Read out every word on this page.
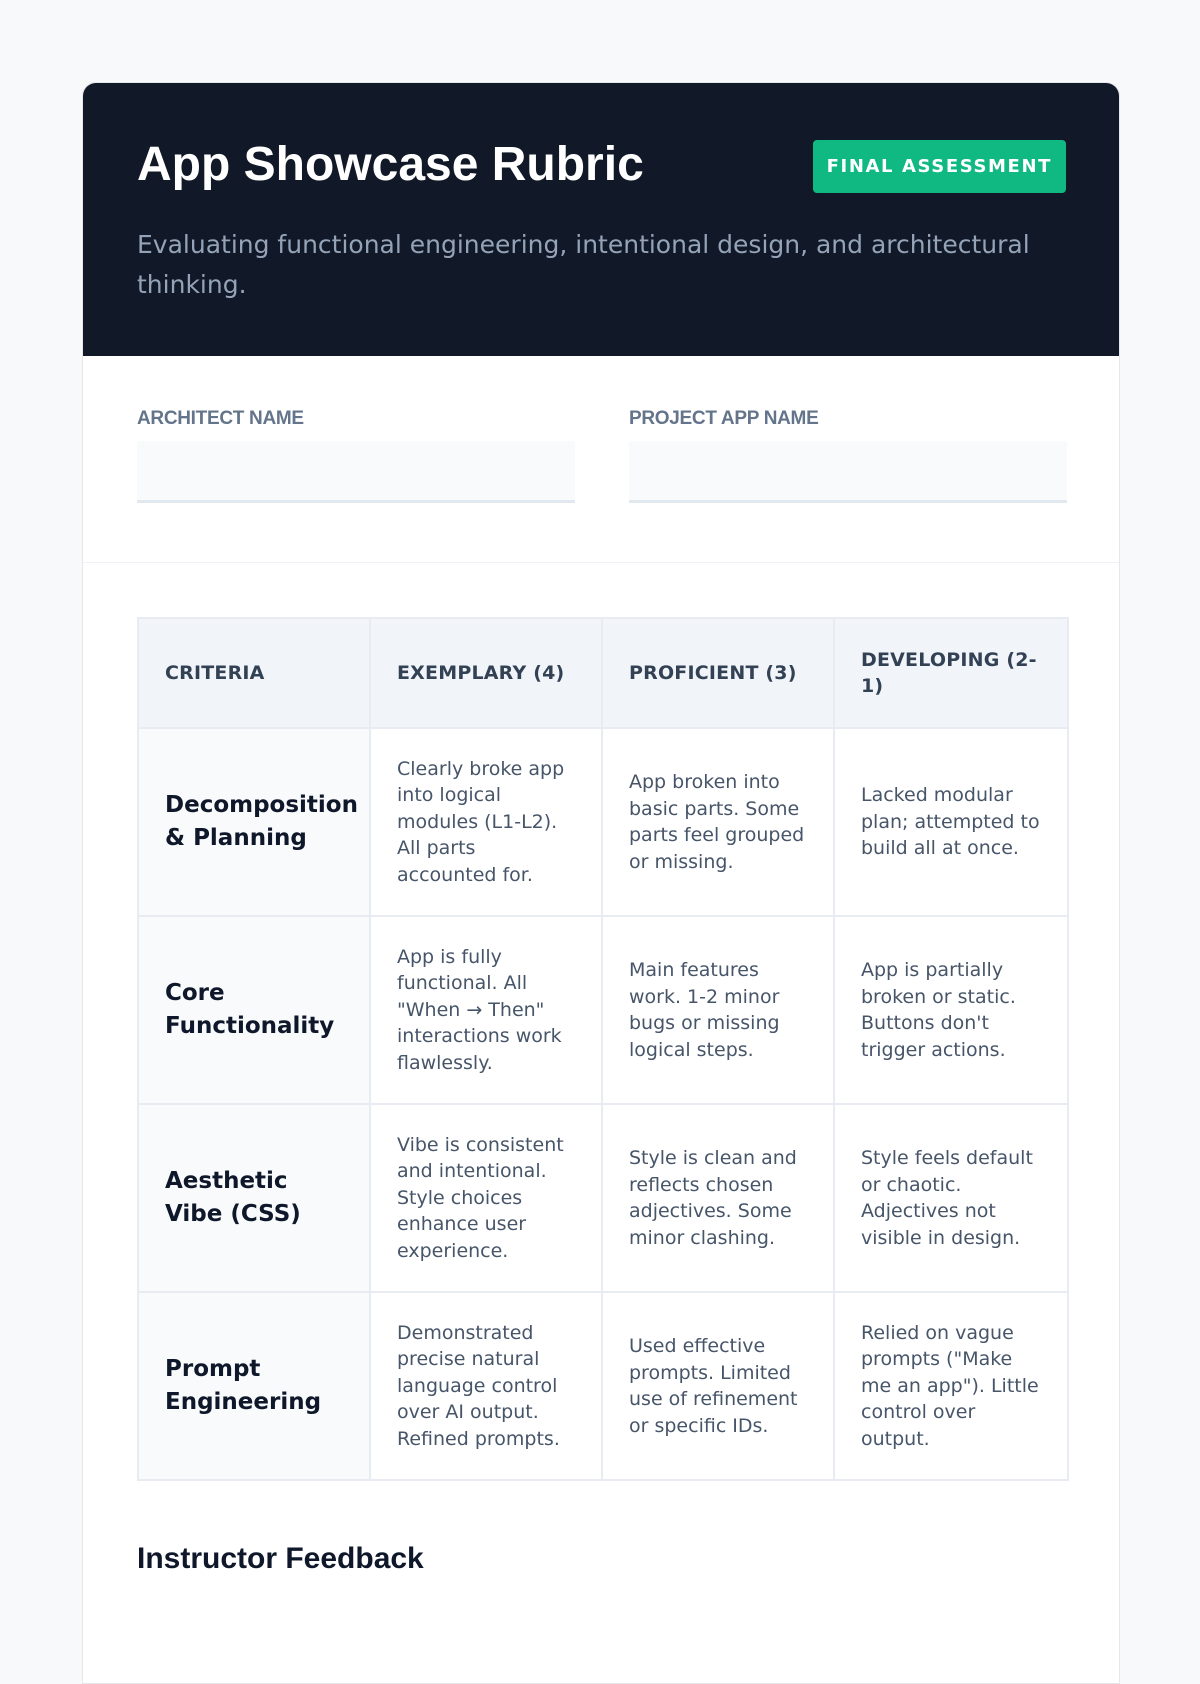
App Showcase Rubric	FINAL ASSESSMENT
Evaluating functional engineering, intentional design, and architectural thinking.
ARCHITECT NAME	PROJECT APP NAME
CRITERIA	EXEMPLARY (4)	PROFICIENT (3)	DEVELOPING (2-1)
Decomposition & Planning	Clearly broke app into logical modules (L1-L2). All parts accounted for.	App broken into basic parts. Some parts feel grouped or missing.	Lacked modular plan; attempted to build all at once.
Core Functionality	App is fully functional. All "When → Then" interactions work flawlessly.	Main features work. 1-2 minor bugs or missing logical steps.	App is partially broken or static. Buttons don't trigger actions.
Aesthetic Vibe (CSS)	Vibe is consistent and intentional. Style choices enhance user experience.	Style is clean and reflects chosen adjectives. Some minor clashing.	Style feels default or chaotic. Adjectives not visible in design.
Prompt Engineering	Demonstrated precise natural language control over AI output. Refined prompts.	Used effective prompts. Limited use of refinement or specific IDs.	Relied on vague prompts ("Make me an app"). Little control over output.
Instructor Feedback
